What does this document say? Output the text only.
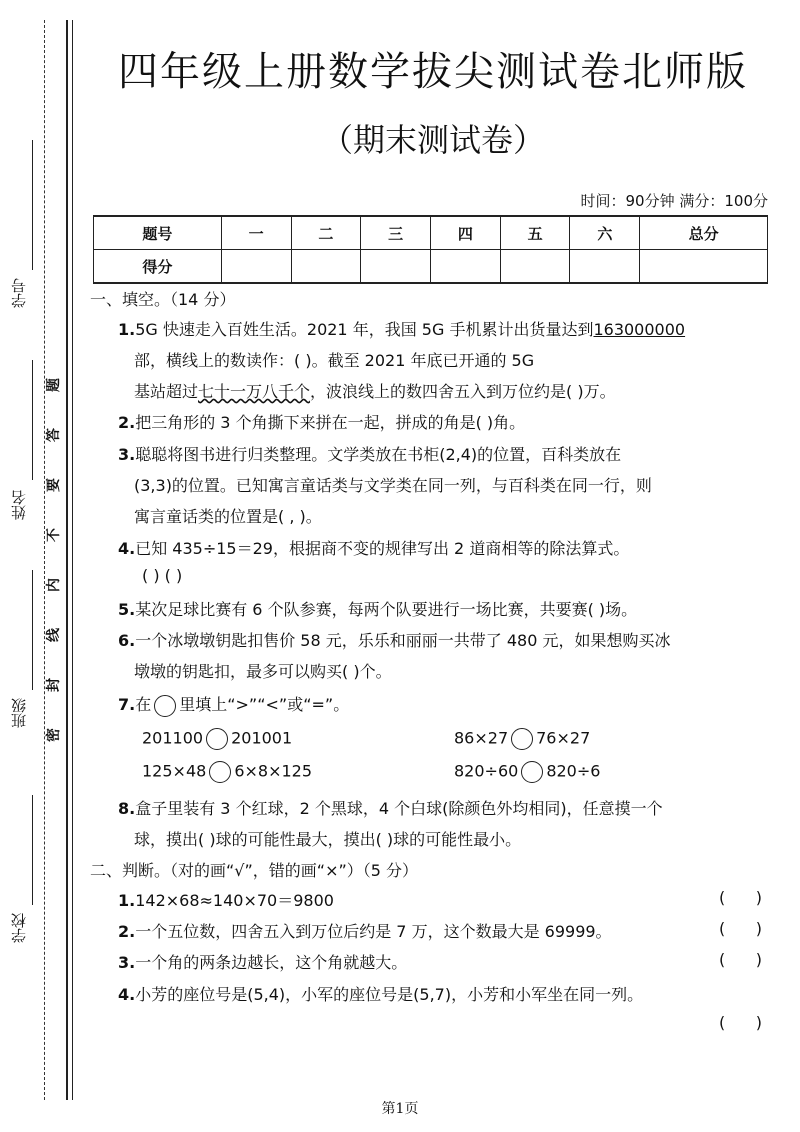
学号
姓名
班级
学校
题
答
要
不
内
线
封
密
四年级上册数学拔尖测试卷北师版
（期末测试卷）
时间：90分钟 满分：100分
题号	一	二	三	四	五	六	总分
得分							
一、填空。（14 分）
1.5G 快速走入百姓生活。2021 年，我国 5G 手机累计出货量达到163000000
部，横线上的数读作：( )。截至 2021 年底已开通的 5G
基站超过七十一万八千个，波浪线上的数四舍五入到万位约是( )万。
2.把三角形的 3 个角撕下来拼在一起，拼成的角是( )角。
3.聪聪将图书进行归类整理。文学类放在书柜(2,4)的位置，百科类放在
(3,3)的位置。已知寓言童话类与文学类在同一列，与百科类在同一行，则
寓言童话类的位置是( , )。
4.已知 435÷15＝29，根据商不变的规律写出 2 道商相等的除法算式。
( ) ( )
5.某次足球比赛有 6 个队参赛，每两个队要进行一场比赛，共要赛( )场。
6.一个冰墩墩钥匙扣售价 58 元，乐乐和丽丽一共带了 480 元，如果想购买冰
墩墩的钥匙扣，最多可以购买( )个。
7.在 里填上“>”“<”或“=”。
201100 201001	86×27 76×27
125×48 6×8×125	820÷60 820÷6
8.盒子里装有 3 个红球，2 个黑球，4 个白球(除颜色外均相同)，任意摸一个
球，摸出( )球的可能性最大，摸出( )球的可能性最小。
二、判断。（对的画“√”，错的画“×”）（5 分）
1.142×68≈140×70＝9800	(      )
2.一个五位数，四舍五入到万位后约是 7 万，这个数最大是 69999。	(      )
3.一个角的两条边越长，这个角就越大。	(      )
4.小芳的座位号是(5,4)，小军的座位号是(5,7)，小芳和小军坐在同一列。
(      )
第1页
